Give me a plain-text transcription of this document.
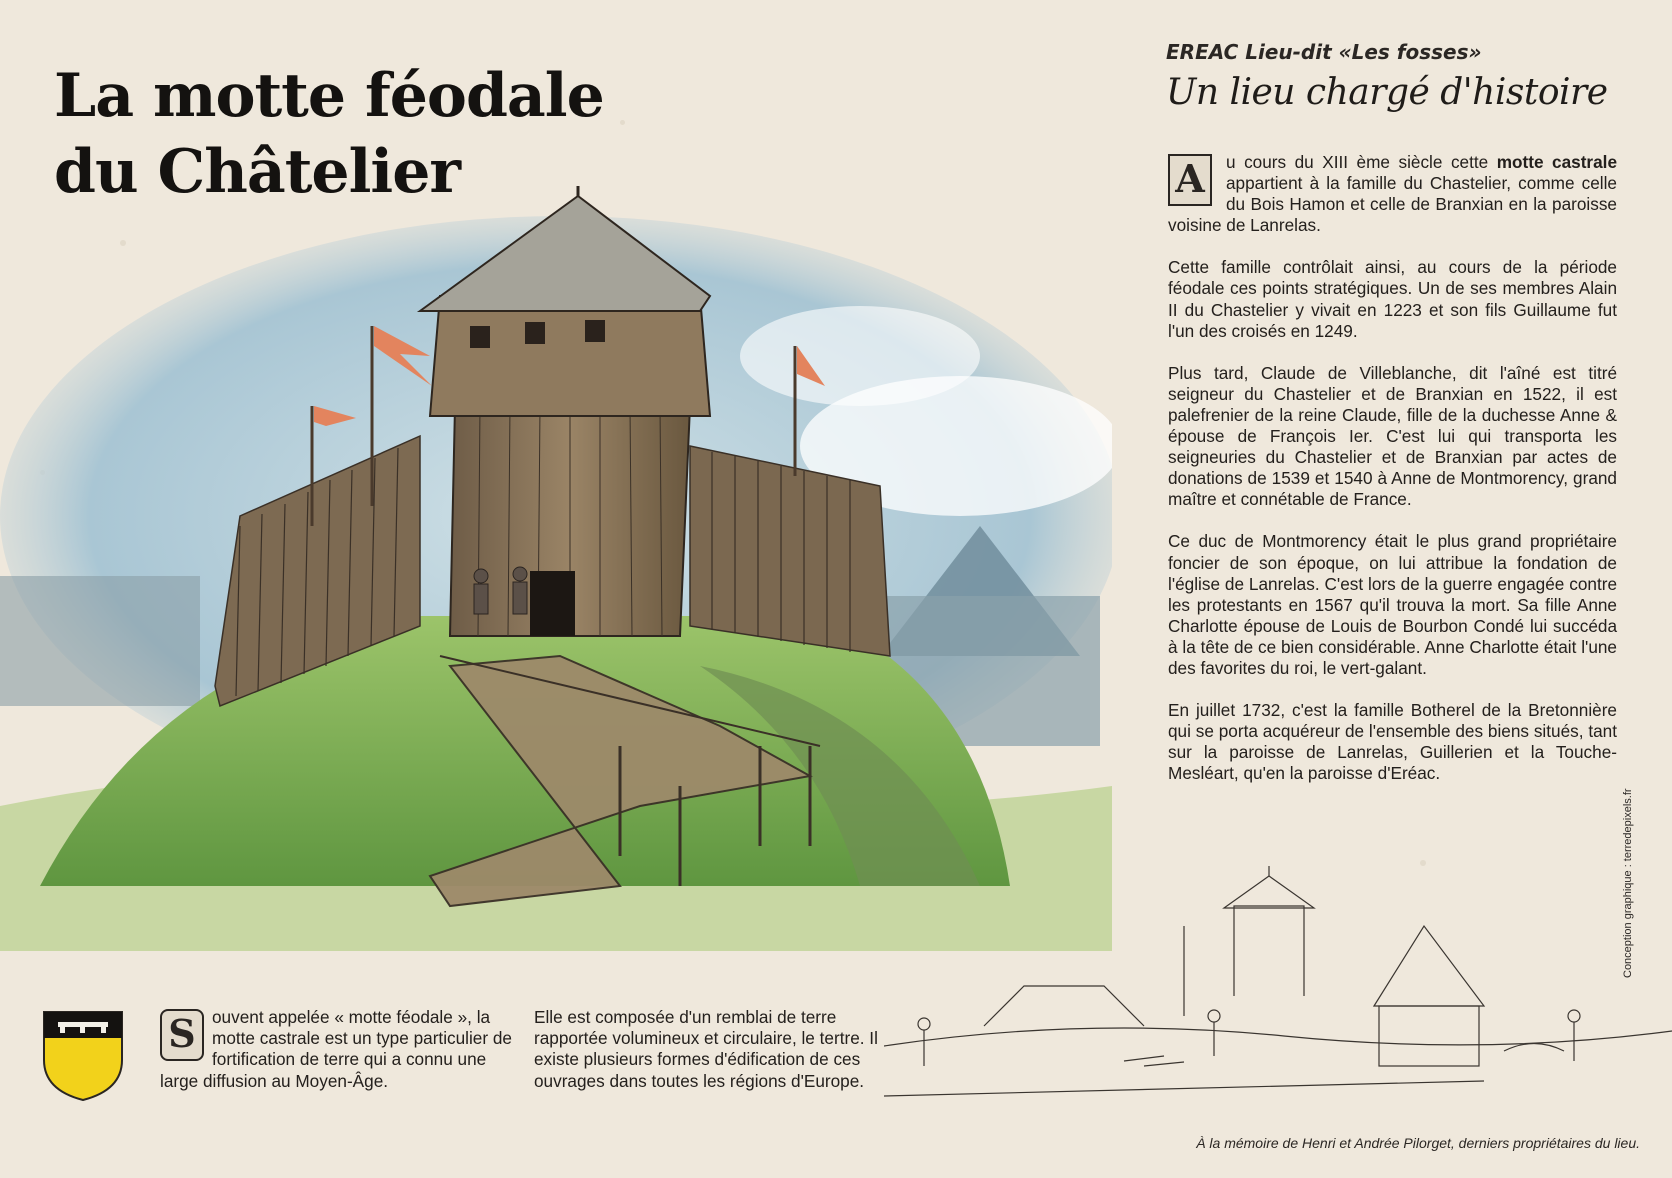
La motte féodale
du Châtelier
EREAC Lieu-dit «Les fosses»
Un lieu chargé d'histoire

A	u cours du XIII ème siècle cette motte castrale appartient à la famille du Chastelier, comme celle du Bois Hamon et celle de Branxian en la paroisse voisine de Lanrelas.

Cette famille contrôlait ainsi, au cours de la période féodale ces points stratégiques. Un de ses membres Alain II du Chastelier y vivait en 1223 et son fils Guillaume fut l'un des croisés en 1249.

Plus tard, Claude de Villeblanche, dit l'aîné est titré seigneur du Chastelier et de Branxian en 1522, il est palefrenier de la reine Claude, fille de la duchesse Anne & épouse de François Ier. C'est lui qui transporta les seigneuries du Chastelier et de Branxian par actes de donations de 1539 et 1540 à Anne de Montmorency, grand maître et connétable de France.

Ce duc de Montmorency était le plus grand propriétaire foncier de son époque, on lui attribue la fondation de l'église de Lanrelas. C'est lors de la guerre engagée contre les protestants en 1567 qu'il trouva la mort. Sa fille Anne Charlotte épouse de Louis de Bourbon Condé lui succéda à la tête de ce bien considérable. Anne Charlotte était l'une des favorites du roi, le vert-galant.

En juillet 1732, c'est la famille Botherel de la Bretonnière qui se porta acquéreur de l'ensemble des biens situés, tant sur la paroisse de Lanrelas, Guillerien et la Touche-Mesléart, qu'en la paroisse d'Eréac.

S ouvent appelée « motte féodale », la motte castrale est un type particulier de fortification de terre qui a connu une large diffusion au Moyen-Âge.
Elle est composée d'un remblai de terre rapportée volumineux et circulaire, le tertre. Il existe plusieurs formes d'édification de ces ouvrages dans toutes les régions d'Europe.
Conception graphique : terredepixels.fr
À la mémoire de Henri et Andrée Pilorget, derniers propriétaires du lieu.
